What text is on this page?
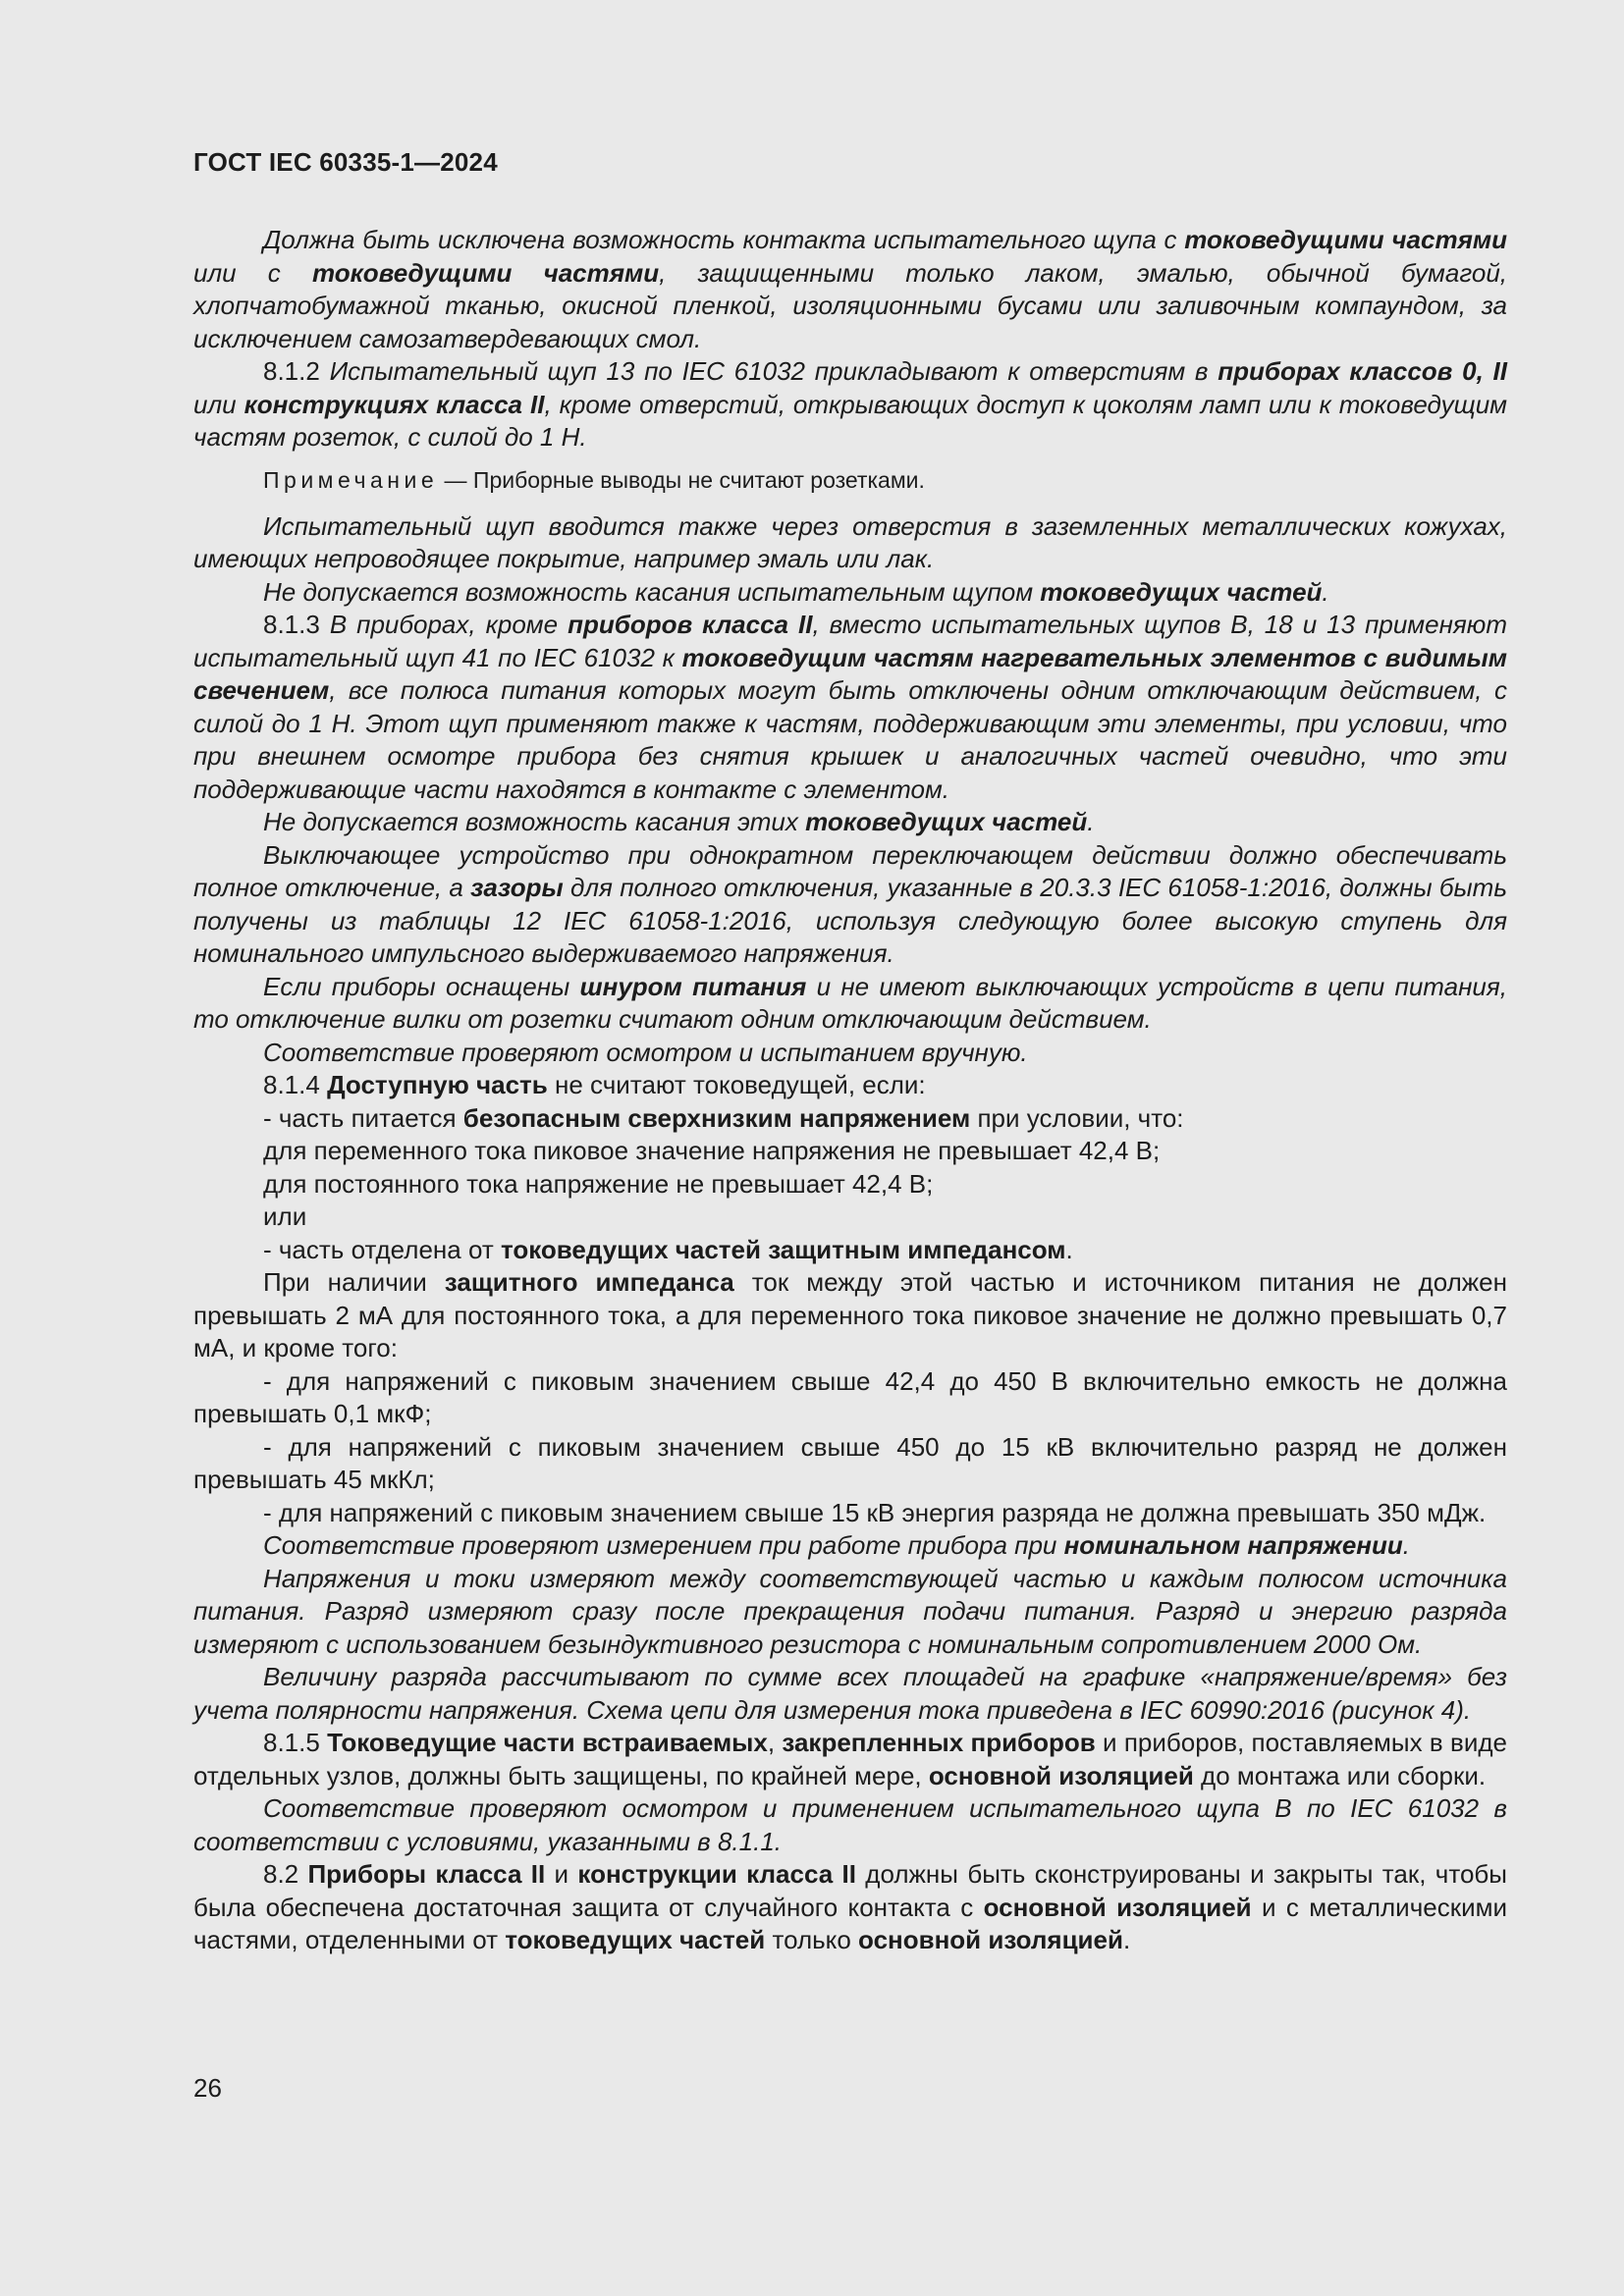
ГОСТ IEC 60335-1—2024

Должна быть исключена возможность контакта испытательного щупа с токоведущими частями или с токоведущими частями, защищенными только лаком, эмалью, обычной бумагой, хлопчатобумажной тканью, окисной пленкой, изоляционными бусами или заливочным компаундом, за исключением самозатвердевающих смол.

8.1.2 Испытательный щуп 13 по IEC 61032 прикладывают к отверстиям в приборах классов 0, II или конструкциях класса II, кроме отверстий, открывающих доступ к цоколям ламп или к токоведущим частям розеток, с силой до 1 Н.

Примечание — Приборные выводы не считают розетками.

Испытательный щуп вводится также через отверстия в заземленных металлических кожухах, имеющих непроводящее покрытие, например эмаль или лак.

Не допускается возможность касания испытательным щупом токоведущих частей.

8.1.3 В приборах, кроме приборов класса II, вместо испытательных щупов В, 18 и 13 применяют испытательный щуп 41 по IEC 61032 к токоведущим частям нагревательных элементов с видимым свечением, все полюса питания которых могут быть отключены одним отключающим действием, с силой до 1 Н. Этот щуп применяют также к частям, поддерживающим эти элементы, при условии, что при внешнем осмотре прибора без снятия крышек и аналогичных частей очевидно, что эти поддерживающие части находятся в контакте с элементом.

Не допускается возможность касания этих токоведущих частей.

Выключающее устройство при однократном переключающем действии должно обеспечивать полное отключение, а зазоры для полного отключения, указанные в 20.3.3 IEC 61058-1:2016, должны быть получены из таблицы 12 IEC 61058-1:2016, используя следующую более высокую ступень для номинального импульсного выдерживаемого напряжения.

Если приборы оснащены шнуром питания и не имеют выключающих устройств в цепи питания, то отключение вилки от розетки считают одним отключающим действием.

Соответствие проверяют осмотром и испытанием вручную.

8.1.4 Доступную часть не считают токоведущей, если:

- часть питается безопасным сверхнизким напряжением при условии, что:

для переменного тока пиковое значение напряжения не превышает 42,4 В;

для постоянного тока напряжение не превышает 42,4 В;

или

- часть отделена от токоведущих частей защитным импедансом.

При наличии защитного импеданса ток между этой частью и источником питания не должен превышать 2 мА для постоянного тока, а для переменного тока пиковое значение не должно превышать 0,7 мА, и кроме того:

- для напряжений с пиковым значением свыше 42,4 до 450 В включительно емкость не должна превышать 0,1 мкФ;

- для напряжений с пиковым значением свыше 450 до 15 кВ включительно разряд не должен превышать 45 мкКл;

- для напряжений с пиковым значением свыше 15 кВ энергия разряда не должна превышать 350 мДж.

Соответствие проверяют измерением при работе прибора при номинальном напряжении.

Напряжения и токи измеряют между соответствующей частью и каждым полюсом источника питания. Разряд измеряют сразу после прекращения подачи питания. Разряд и энергию разряда измеряют с использованием безындуктивного резистора с номинальным сопротивлением 2000 Ом.

Величину разряда рассчитывают по сумме всех площадей на графике «напряжение/время» без учета полярности напряжения. Схема цепи для измерения тока приведена в IEC 60990:2016 (рисунок 4).

8.1.5 Токоведущие части встраиваемых, закрепленных приборов и приборов, поставляемых в виде отдельных узлов, должны быть защищены, по крайней мере, основной изоляцией до монтажа или сборки.

Соответствие проверяют осмотром и применением испытательного щупа В по IEC 61032 в соответствии с условиями, указанными в 8.1.1.

8.2 Приборы класса II и конструкции класса II должны быть сконструированы и закрыты так, чтобы была обеспечена достаточная защита от случайного контакта с основной изоляцией и с металлическими частями, отделенными от токоведущих частей только основной изоляцией.

26
